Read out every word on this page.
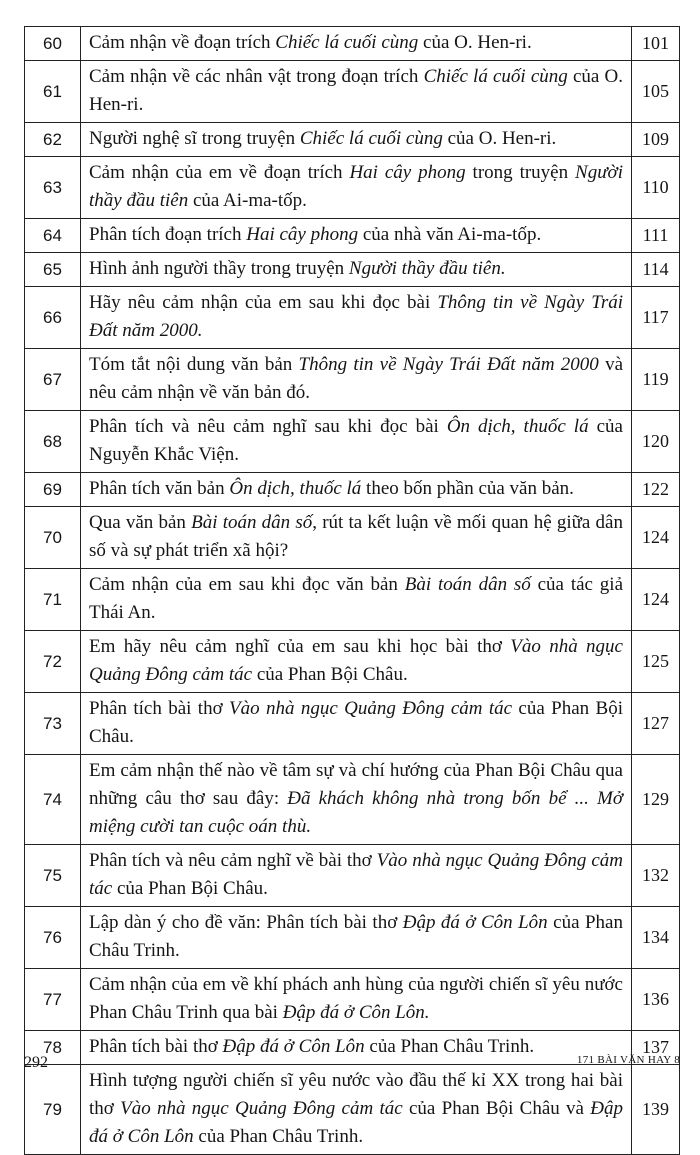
60	Cảm nhận về đoạn trích Chiếc lá cuối cùng của O. Hen-ri.	101
61	Cảm nhận về các nhân vật trong đoạn trích Chiếc lá cuối cùng của O. Hen-ri.	105
62	Người nghệ sĩ trong truyện Chiếc lá cuối cùng của O. Hen-ri.	109
63	Cảm nhận của em về đoạn trích Hai cây phong trong truyện Người thầy đầu tiên của Ai-ma-tốp.	110
64	Phân tích đoạn trích Hai cây phong của nhà văn Ai-ma-tốp.	111
65	Hình ảnh người thầy trong truyện Người thầy đầu tiên.	114
66	Hãy nêu cảm nhận của em sau khi đọc bài Thông tin về Ngày Trái Đất năm 2000.	117
67	Tóm tắt nội dung văn bản Thông tin về Ngày Trái Đất năm 2000 và nêu cảm nhận về văn bản đó.	119
68	Phân tích và nêu cảm nghĩ sau khi đọc bài Ôn dịch, thuốc lá của Nguyễn Khắc Viện.	120
69	Phân tích văn bản Ôn dịch, thuốc lá theo bốn phần của văn bản.	122
70	Qua văn bản Bài toán dân số, rút ta kết luận về mối quan hệ giữa dân số và sự phát triển xã hội?	124
71	Cảm nhận của em sau khi đọc văn bản Bài toán dân số của tác giả Thái An.	124
72	Em hãy nêu cảm nghĩ của em sau khi học bài thơ Vào nhà ngục Quảng Đông cảm tác của Phan Bội Châu.	125
73	Phân tích bài thơ Vào nhà ngục Quảng Đông cảm tác của Phan Bội Châu.	127
74	Em cảm nhận thế nào về tâm sự và chí hướng của Phan Bội Châu qua những câu thơ sau đây: Đã khách không nhà trong bốn bể ... Mở miệng cười tan cuộc oán thù.	129
75	Phân tích và nêu cảm nghĩ về bài thơ Vào nhà ngục Quảng Đông cảm tác của Phan Bội Châu.	132
76	Lập dàn ý cho đề văn: Phân tích bài thơ Đập đá ở Côn Lôn của Phan Châu Trinh.	134
77	Cảm nhận của em về khí phách anh hùng của người chiến sĩ yêu nước Phan Châu Trinh qua bài Đập đá ở Côn Lôn.	136
78	Phân tích bài thơ Đập đá ở Côn Lôn của Phan Châu Trinh.	137
79	Hình tượng người chiến sĩ yêu nước vào đầu thế kỉ XX trong hai bài thơ Vào nhà ngục Quảng Đông cảm tác của Phan Bội Châu và Đập đá ở Côn Lôn của Phan Châu Trinh.	139
292	171 BÀI VĂN HAY 8
